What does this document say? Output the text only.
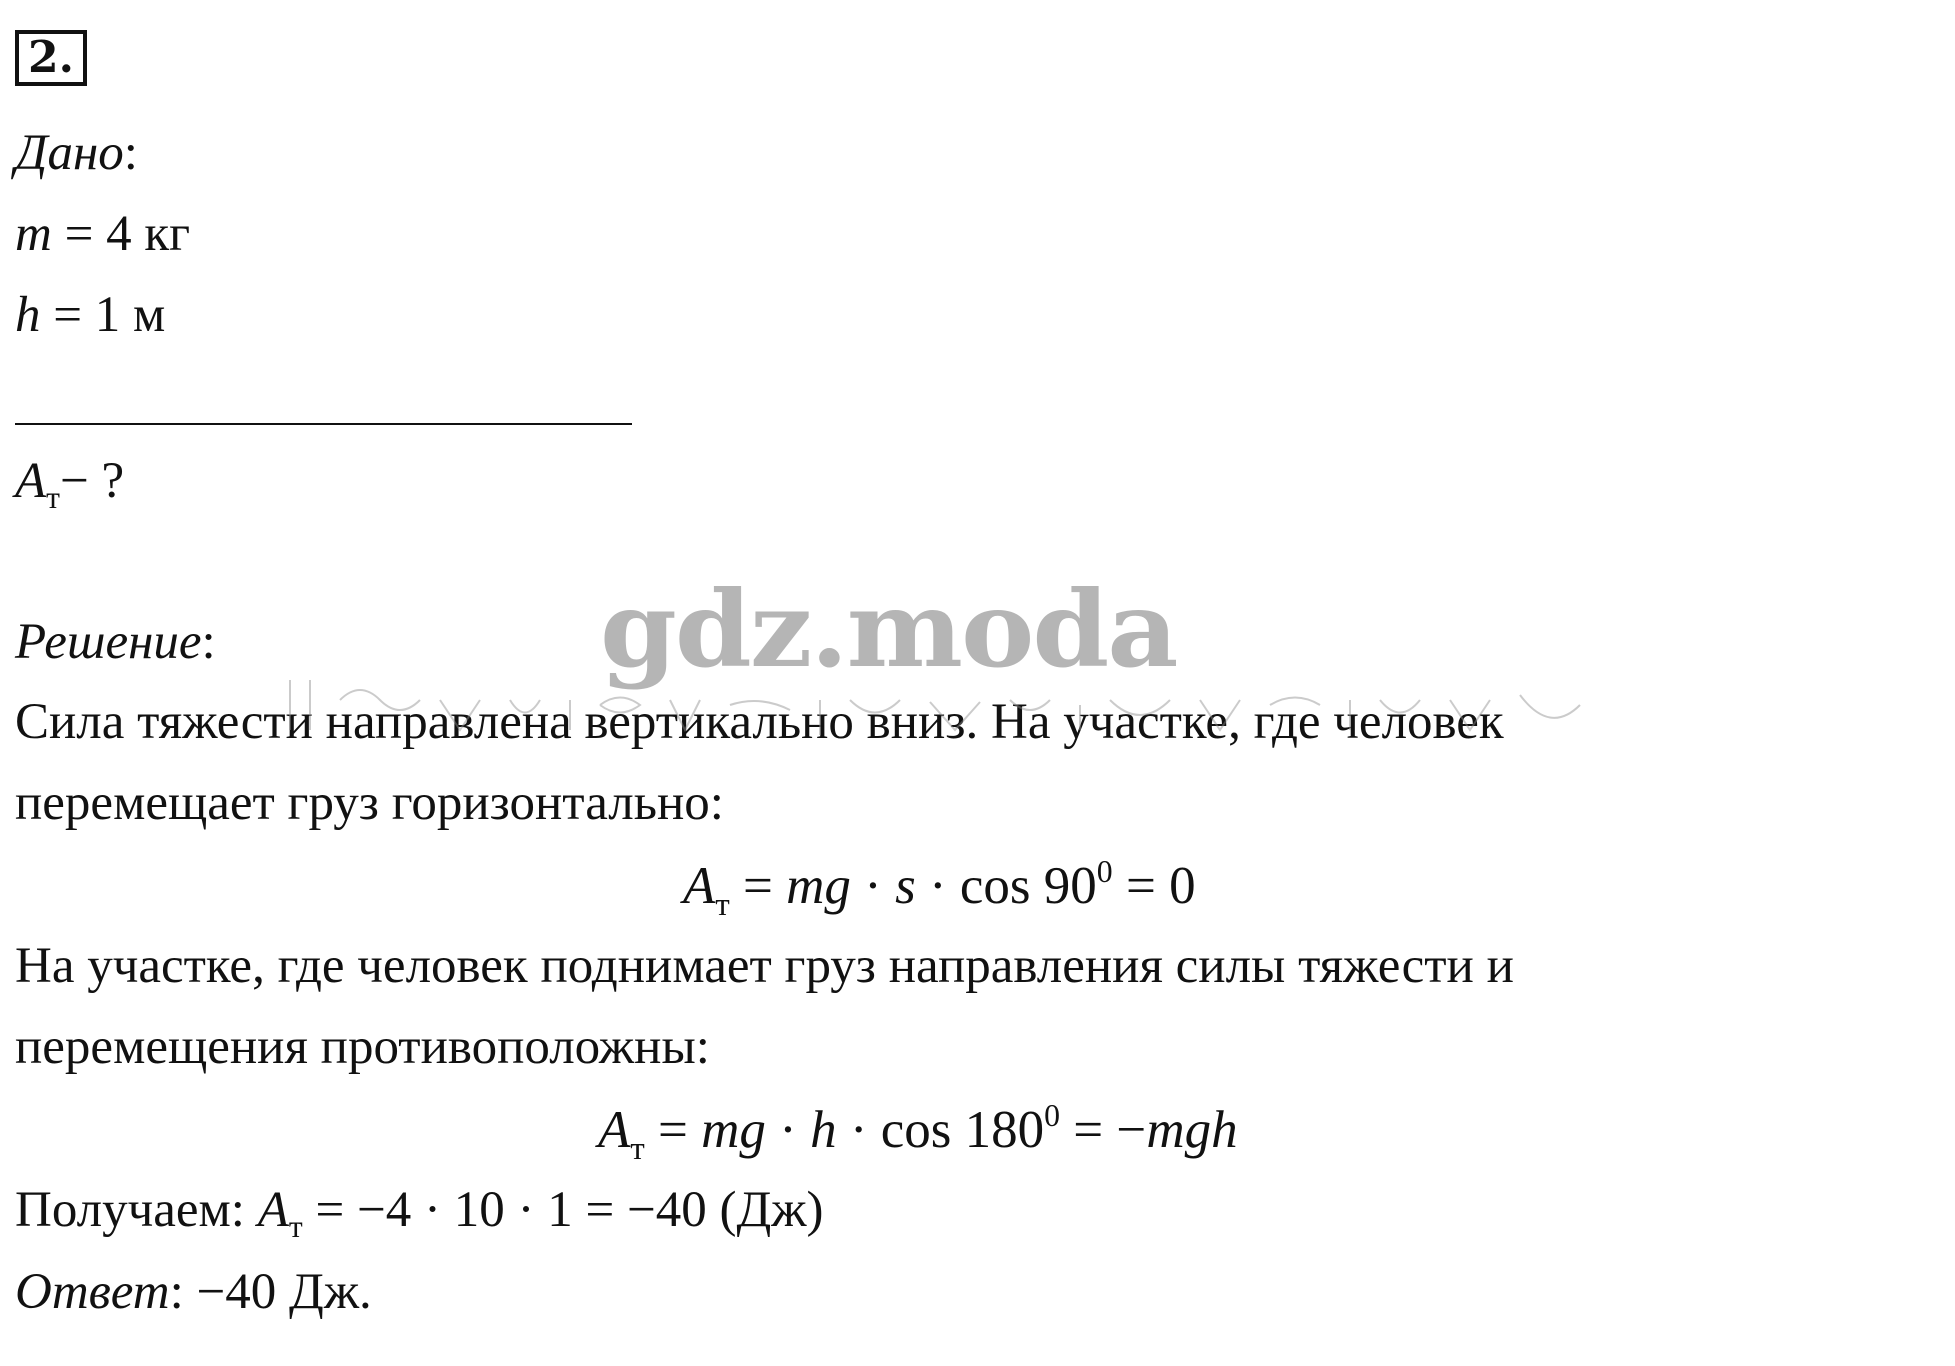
2.
Дано:
m = 4 кг
h = 1 м
$A_т-$ ?
Решение:
Сила тяжести направлена вертикально вниз. На участке, где человек
перемещает груз горизонтально:
$A_т$ = mg · $s \cdot \cos 90^0 = 0$
На участке, где человек поднимает груз направления силы тяжести и
перемещения противоположны:
$A_т$ = mg · $h \cdot \cos 180^0 = -mgh$
Получаем: $A_т = -4 \cdot 10 \cdot 1 = -40$ (Дж)
Ответ: −40 Дж.
gdz.moda
